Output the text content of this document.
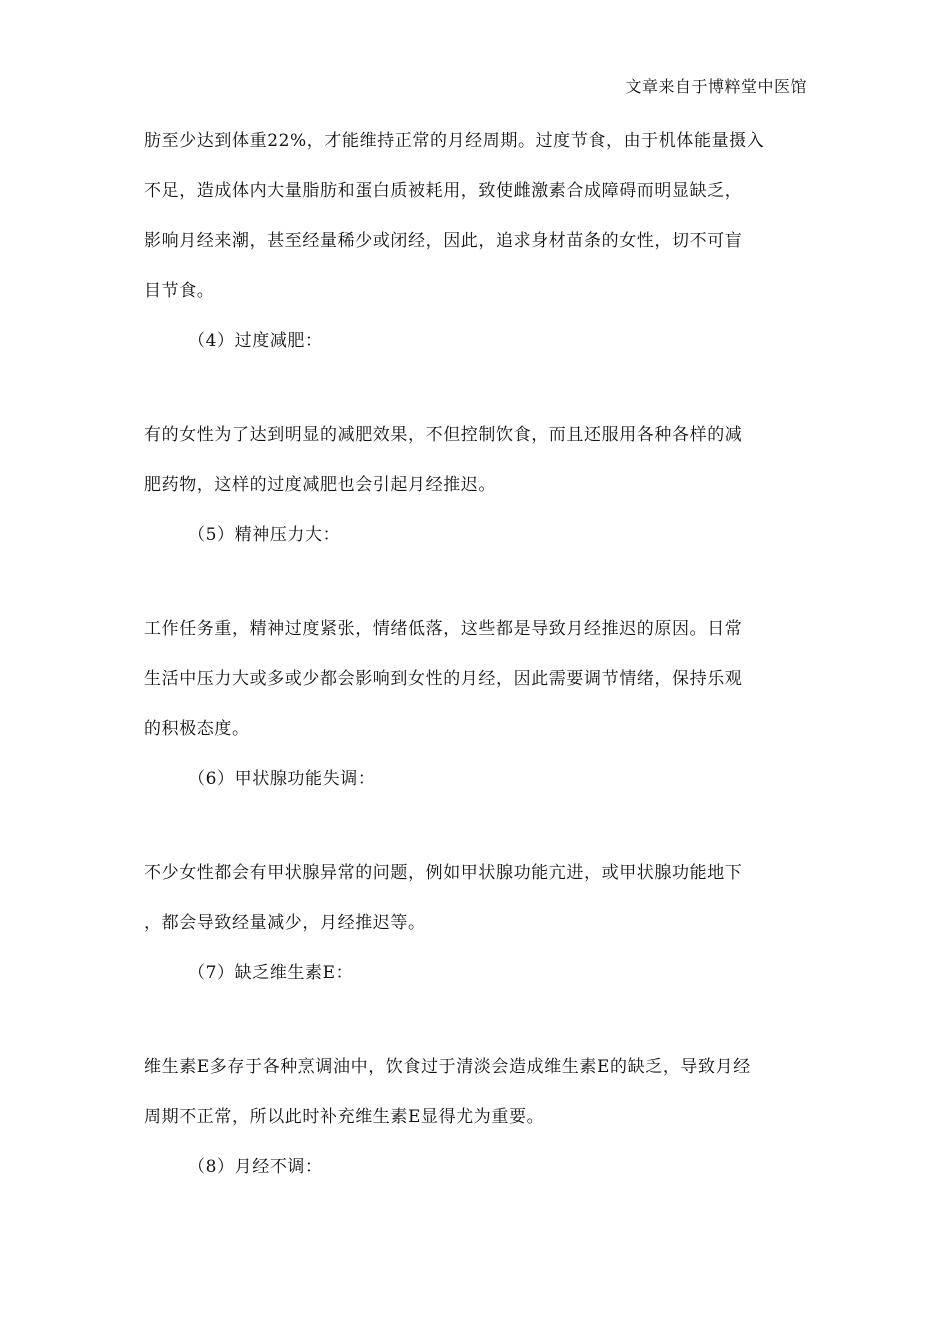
文章来自于博粹堂中医馆
肪至少达到体重22%，才能维持正常的月经周期。过度节食，由于机体能量摄入
不足，造成体内大量脂肪和蛋白质被耗用，致使雌激素合成障碍而明显缺乏，
影响月经来潮，甚至经量稀少或闭经，因此，追求身材苗条的女性，切不可盲
目节食。
（4）过度减肥：
有的女性为了达到明显的减肥效果，不但控制饮食，而且还服用各种各样的减
肥药物，这样的过度减肥也会引起月经推迟。
（5）精神压力大：
工作任务重，精神过度紧张，情绪低落，这些都是导致月经推迟的原因。日常
生活中压力大或多或少都会影响到女性的月经，因此需要调节情绪，保持乐观
的积极态度。
（6）甲状腺功能失调：
不少女性都会有甲状腺异常的问题，例如甲状腺功能亢进，或甲状腺功能地下
，都会导致经量减少，月经推迟等。
（7）缺乏维生素E：
维生素E多存于各种烹调油中，饮食过于清淡会造成维生素E的缺乏，导致月经
周期不正常，所以此时补充维生素E显得尤为重要。
（8）月经不调：
